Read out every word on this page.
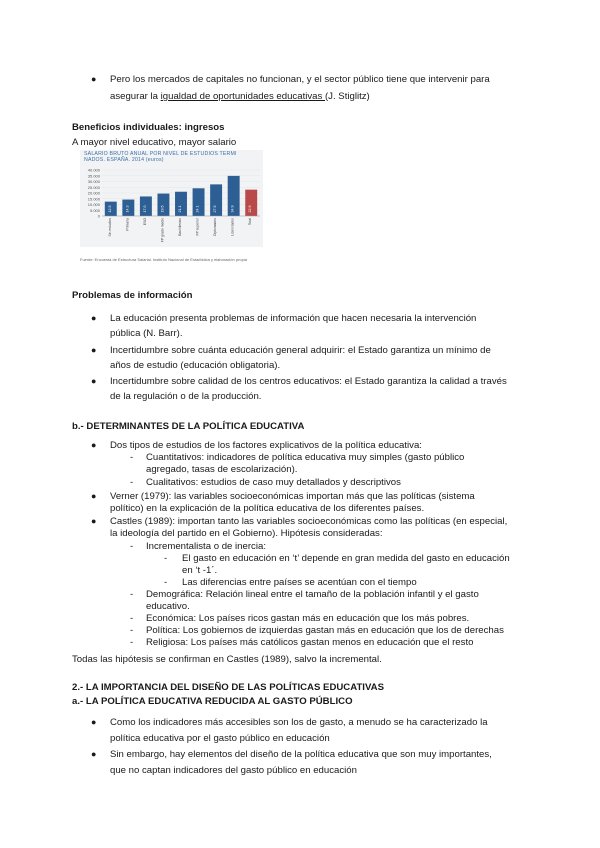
● Pero los mercados de capitales no funcionan, y el sector público tiene que intervenir para
asegurar la igualdad de oportunidades educativas (J. Stiglitz)
Beneficios individuales: ingresos
A mayor nivel educativo, mayor salario
SALARIO BRUTO ANUAL POR NIVEL DE ESTUDIOS TERMI
NADOS. ESPAÑA. 2014 (euros)
40.000
35.000
30.000
25.000
20.000
15.000
10.000
5.000
0
12.5
Sin estudios
14.3
Primaria
17.0
ESO
19.5
FP grado medio
21.1
Bachillerato
24.1
FP superior
27.5
Diplomados
34.9
Licenciados
22.9
Total
Fuente: Encuesta de Estructura Salarial. Instituto Nacional de Estadística y elaboración propia
Problemas de información
● La educación presenta problemas de información que hacen necesaria la intervención
pública (N. Barr).
● Incertidumbre sobre cuánta educación general adquirir: el Estado garantiza un mínimo de
años de estudio (educación obligatoria).
● Incertidumbre sobre calidad de los centros educativos: el Estado garantiza la calidad a través
de la regulación o de la producción.
b.- DETERMINANTES DE LA POLÍTICA EDUCATIVA
● Dos tipos de estudios de los factores explicativos de la política educativa:
- Cuantitativos: indicadores de política educativa muy simples (gasto público
agregado, tasas de escolarización).
- Cualitativos: estudios de caso muy detallados y descriptivos
● Verner (1979): las variables socioeconómicas importan más que las políticas (sistema
político) en la explicación de la política educativa de los diferentes países.
● Castles (1989): importan tanto las variables socioeconómicas como las políticas (en especial,
la ideología del partido en el Gobierno). Hipótesis consideradas:
- Incrementalista o de inercia:
- El gasto en educación en ‘t’ depende en gran medida del gasto en educación
en ‘t -1´.
- Las diferencias entre países se acentúan con el tiempo
- Demográfica: Relación lineal entre el tamaño de la población infantil y el gasto
educativo.
- Económica: Los países ricos gastan más en educación que los más pobres.
- Política: Los gobiernos de izquierdas gastan más en educación que los de derechas
- Religiosa: Los países más católicos gastan menos en educación que el resto
Todas las hipótesis se confirman en Castles (1989), salvo la incremental.
2.- LA IMPORTANCIA DEL DISEÑO DE LAS POLÍTICAS EDUCATIVAS
a.- LA POLÍTICA EDUCATIVA REDUCIDA AL GASTO PÚBLICO
● Como los indicadores más accesibles son los de gasto, a menudo se ha caracterizado la
política educativa por el gasto público en educación
● Sin embargo, hay elementos del diseño de la política educativa que son muy importantes,
que no captan indicadores del gasto público en educación
